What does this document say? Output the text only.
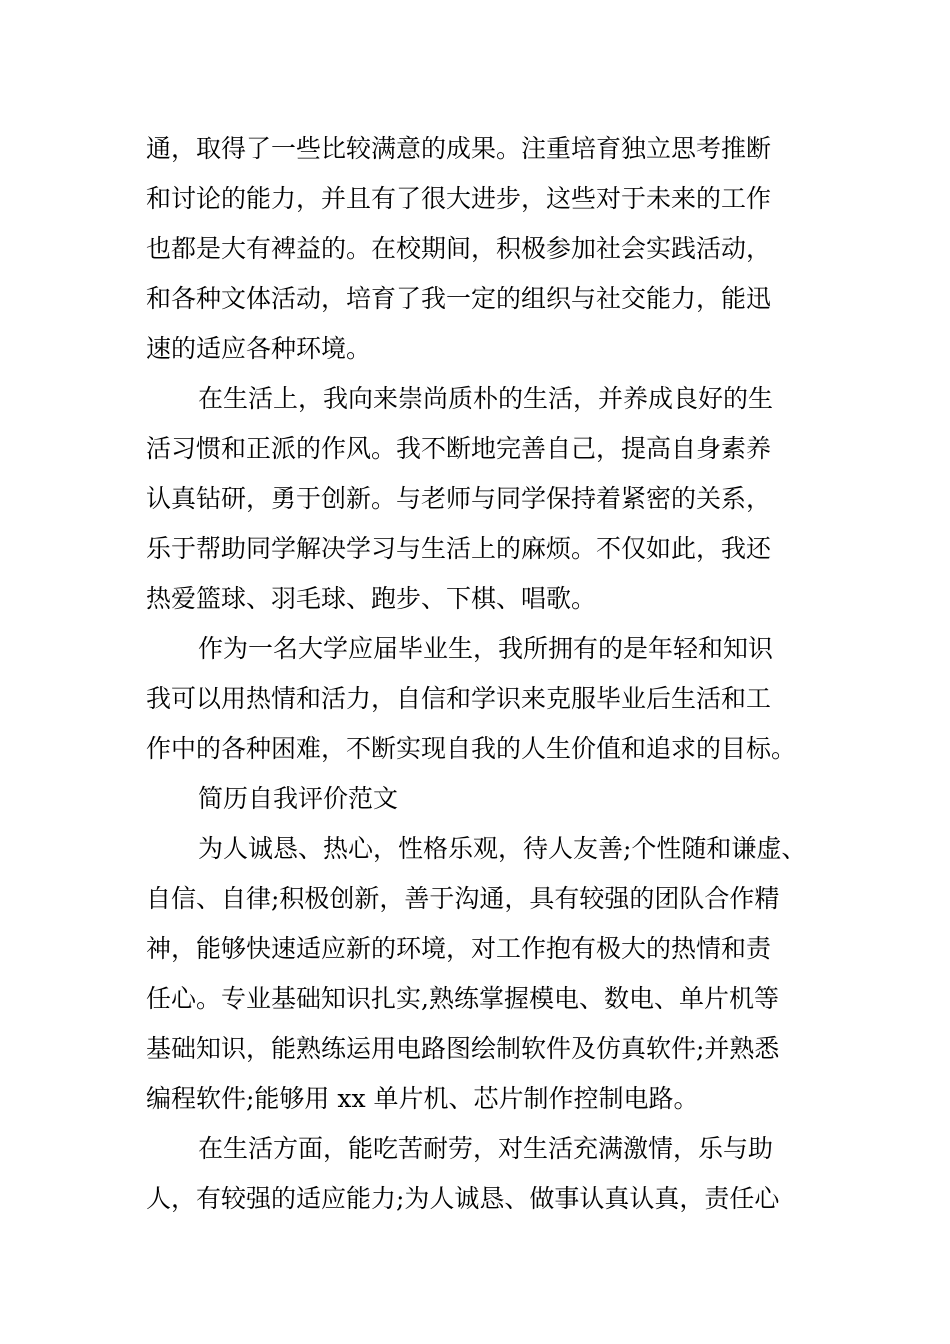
通，取得了一些比较满意的成果。注重培育独立思考推断
和讨论的能力，并且有了很大进步，这些对于未来的工作
也都是大有裨益的。在校期间，积极参加社会实践活动，
和各种文体活动，培育了我一定的组织与社交能力，能迅
速的适应各种环境。
在生活上，我向来崇尚质朴的生活，并养成良好的生
活习惯和正派的作风。我不断地完善自己，提高自身素养
认真钻研，勇于创新。与老师与同学保持着紧密的关系，
乐于帮助同学解决学习与生活上的麻烦。不仅如此，我还
热爱篮球、羽毛球、跑步、下棋、唱歌。
作为一名大学应届毕业生，我所拥有的是年轻和知识
我可以用热情和活力，自信和学识来克服毕业后生活和工
作中的各种困难，不断实现自我的人生价值和追求的目标。
简历自我评价范文
为人诚恳、热心，性格乐观，待人友善;个性随和谦虚、
自信、自律;积极创新，善于沟通，具有较强的团队合作精
神，能够快速适应新的环境，对工作抱有极大的热情和责
任心。专业基础知识扎实,熟练掌握模电、数电、单片机等
基础知识，能熟练运用电路图绘制软件及仿真软件;并熟悉
编程软件;能够用 xx 单片机、芯片制作控制电路。
在生活方面，能吃苦耐劳，对生活充满激情，乐与助
人，有较强的适应能力;为人诚恳、做事认真认真，责任心
